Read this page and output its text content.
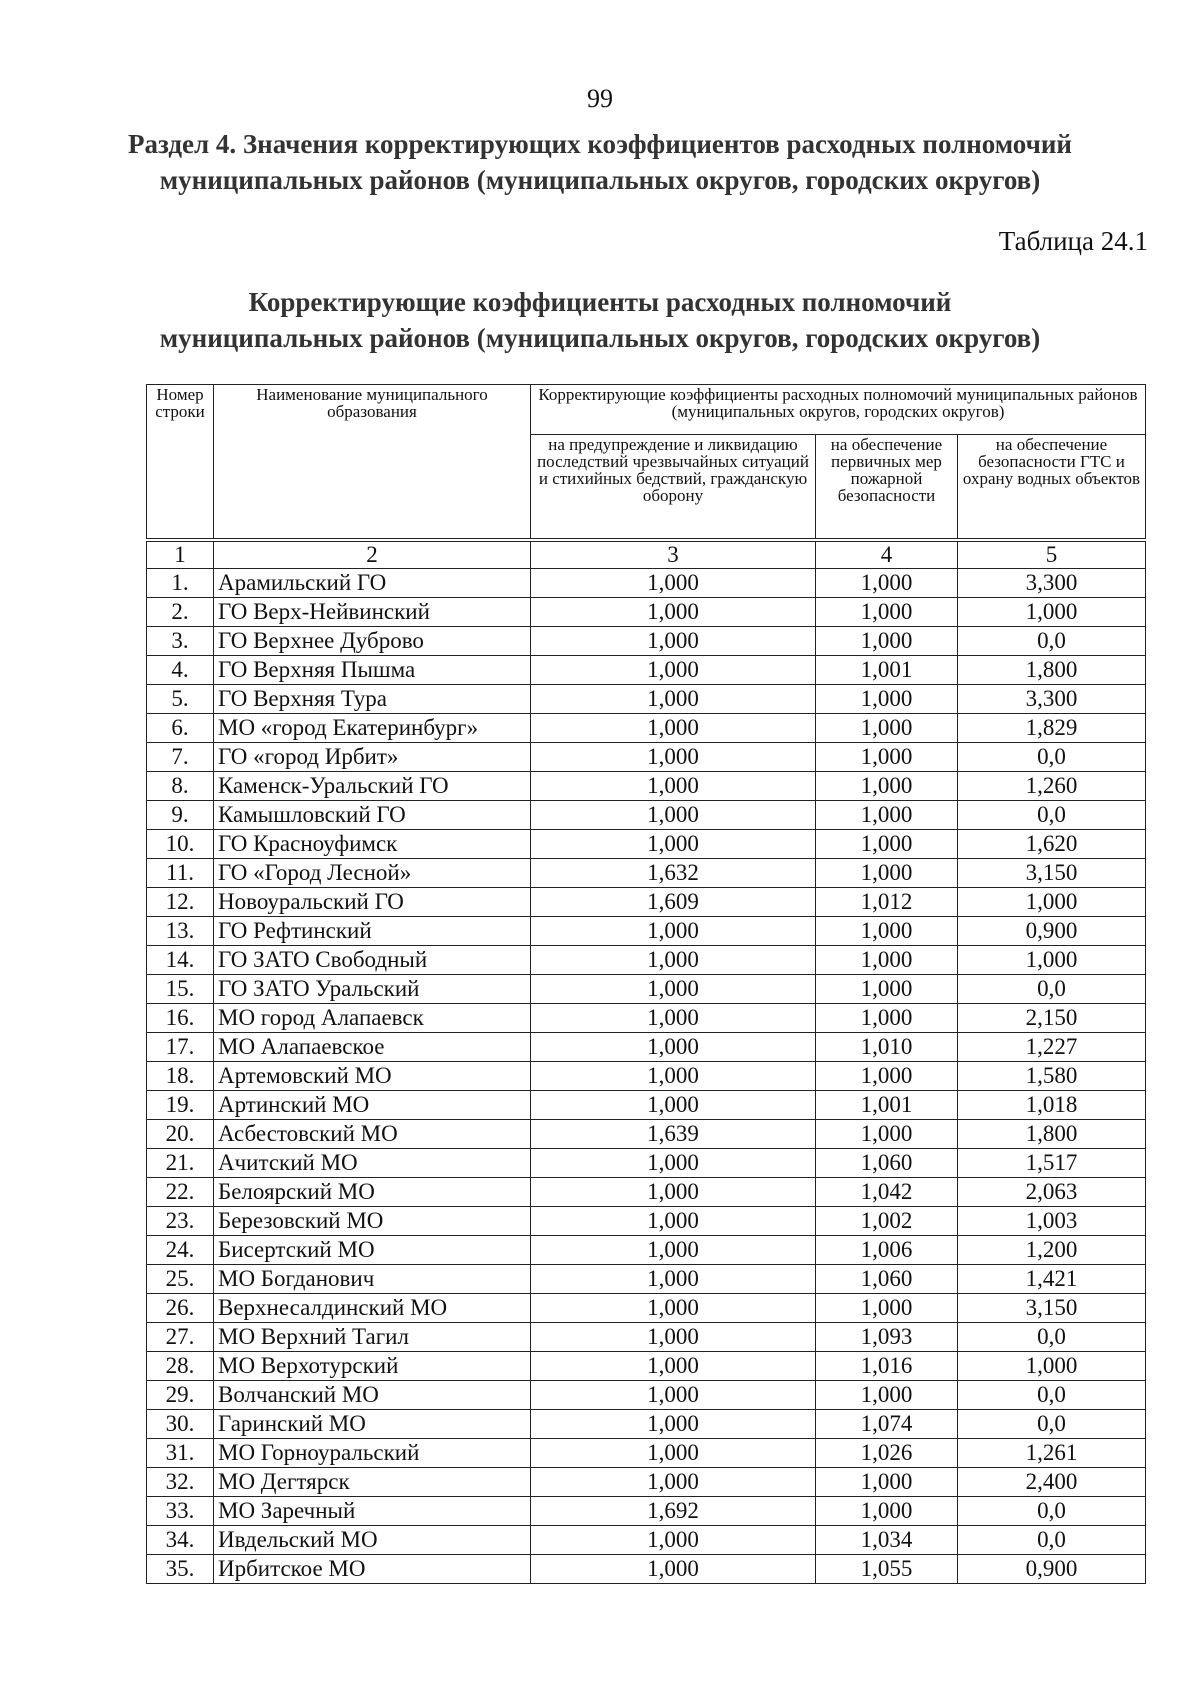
99
Раздел 4. Значения корректирующих коэффициентов расходных полномочий
муниципальных районов (муниципальных округов, городских округов)
Таблица 24.1
Корректирующие коэффициенты расходных полномочий
муниципальных районов (муниципальных округов, городских округов)
Номер строки	Наименование муниципального образования	Корректирующие коэффициенты расходных полномочий муниципальных районов (муниципальных округов, городских округов)		
		на предупреждение и ликвидацию последствий чрезвычайных ситуаций и стихийных бедствий, гражданскую оборону	на обеспечение первичных мер пожарной безопасности	на обеспечение безопасности ГТС и охрану водных объектов
1	2	3	4	5
1.	Арамильский ГО	1,000	1,000	3,300
2.	ГО Верх-Нейвинский	1,000	1,000	1,000
3.	ГО Верхнее Дуброво	1,000	1,000	0,0
4.	ГО Верхняя Пышма	1,000	1,001	1,800
5.	ГО Верхняя Тура	1,000	1,000	3,300
6.	МО «город Екатеринбург»	1,000	1,000	1,829
7.	ГО «город Ирбит»	1,000	1,000	0,0
8.	Каменск-Уральский ГО	1,000	1,000	1,260
9.	Камышловский ГО	1,000	1,000	0,0
10.	ГО Красноуфимск	1,000	1,000	1,620
11.	ГО «Город Лесной»	1,632	1,000	3,150
12.	Новоуральский ГО	1,609	1,012	1,000
13.	ГО Рефтинский	1,000	1,000	0,900
14.	ГО ЗАТО Свободный	1,000	1,000	1,000
15.	ГО ЗАТО Уральский	1,000	1,000	0,0
16.	МО город Алапаевск	1,000	1,000	2,150
17.	МО Алапаевское	1,000	1,010	1,227
18.	Артемовский МО	1,000	1,000	1,580
19.	Артинский МО	1,000	1,001	1,018
20.	Асбестовский МО	1,639	1,000	1,800
21.	Ачитский МО	1,000	1,060	1,517
22.	Белоярский МО	1,000	1,042	2,063
23.	Березовский МО	1,000	1,002	1,003
24.	Бисертский МО	1,000	1,006	1,200
25.	МО Богданович	1,000	1,060	1,421
26.	Верхнесалдинский МО	1,000	1,000	3,150
27.	МО Верхний Тагил	1,000	1,093	0,0
28.	МО Верхотурский	1,000	1,016	1,000
29.	Волчанский МО	1,000	1,000	0,0
30.	Гаринский МО	1,000	1,074	0,0
31.	МО Горноуральский	1,000	1,026	1,261
32.	МО Дегтярск	1,000	1,000	2,400
33.	МО Заречный	1,692	1,000	0,0
34.	Ивдельский МО	1,000	1,034	0,0
35.	Ирбитское МО	1,000	1,055	0,900
